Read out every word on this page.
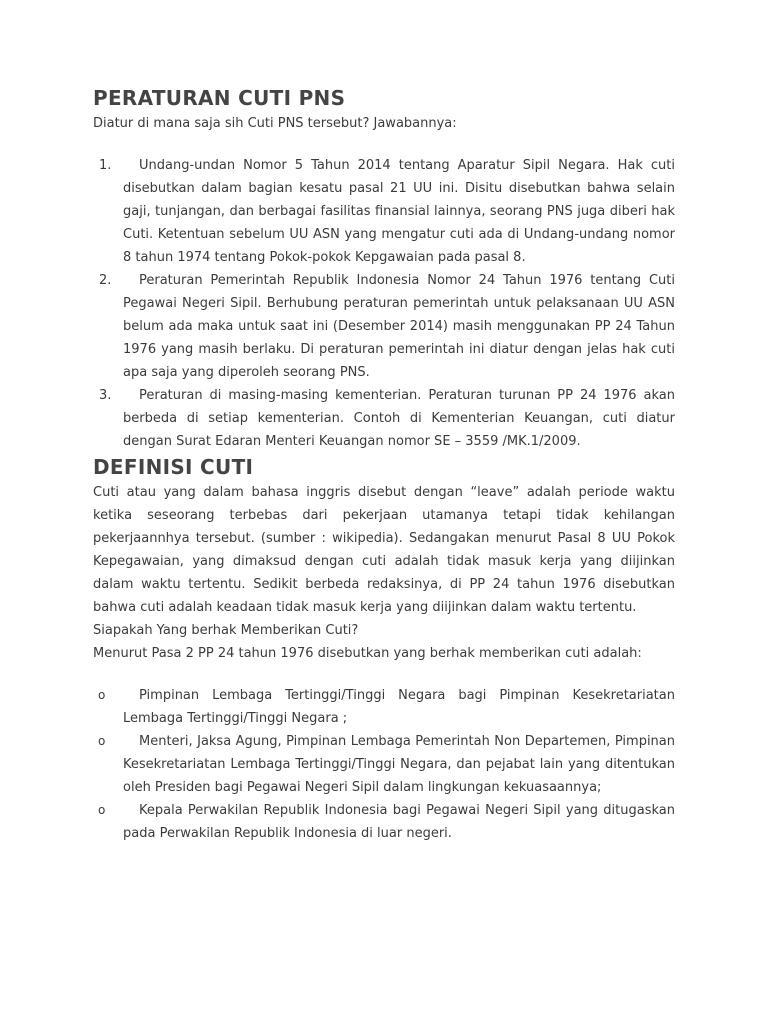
PERATURAN CUTI PNS

Diatur di mana saja sih Cuti PNS tersebut? Jawabannya:

1. Undang-undan Nomor 5 Tahun 2014 tentang Aparatur Sipil Negara. Hak cuti disebutkan dalam bagian kesatu pasal 21 UU ini. Disitu disebutkan bahwa selain gaji, tunjangan, dan berbagai fasilitas finansial lainnya, seorang PNS juga diberi hak Cuti. Ketentuan sebelum UU ASN yang mengatur cuti ada di Undang-undang nomor 8 tahun 1974 tentang Pokok-pokok Kepgawaian pada pasal 8.
2. Peraturan Pemerintah Republik Indonesia Nomor 24 Tahun 1976 tentang Cuti Pegawai Negeri Sipil. Berhubung peraturan pemerintah untuk pelaksanaan UU ASN belum ada maka untuk saat ini (Desember 2014) masih menggunakan PP 24 Tahun 1976 yang masih berlaku. Di peraturan pemerintah ini diatur dengan jelas hak cuti apa saja yang diperoleh seorang PNS.
3. Peraturan di masing-masing kementerian. Peraturan turunan PP 24 1976 akan berbeda di setiap kementerian. Contoh di Kementerian Keuangan, cuti diatur dengan Surat Edaran Menteri Keuangan nomor SE – 3559 /MK.1/2009.
DEFINISI CUTI

Cuti atau yang dalam bahasa inggris disebut dengan “leave” adalah periode waktu ketika seseorang terbebas dari pekerjaan utamanya tetapi tidak kehilangan pekerjaannhya tersebut. (sumber : wikipedia). Sedangakan menurut Pasal 8 UU Pokok Kepegawaian, yang dimaksud dengan cuti adalah tidak masuk kerja yang diijinkan dalam waktu tertentu. Sedikit berbeda redaksinya, di PP 24 tahun 1976 disebutkan bahwa cuti adalah keadaan tidak masuk kerja yang diijinkan dalam waktu tertentu.

Siapakah Yang berhak Memberikan Cuti?

Menurut Pasa 2 PP 24 tahun 1976 disebutkan yang berhak memberikan cuti adalah:

o	Pimpinan Lembaga Tertinggi/Tinggi Negara bagi Pimpinan Kesekretariatan Lembaga Tertinggi/Tinggi Negara ;
o	Menteri, Jaksa Agung, Pimpinan Lembaga Pemerintah Non Departemen, Pimpinan Kesekretariatan Lembaga Tertinggi/Tinggi Negara, dan pejabat lain yang ditentukan oleh Presiden bagi Pegawai Negeri Sipil dalam lingkungan kekuasaannya;
o	Kepala Perwakilan Republik Indonesia bagi Pegawai Negeri Sipil yang ditugaskan pada Perwakilan Republik Indonesia di luar negeri.
